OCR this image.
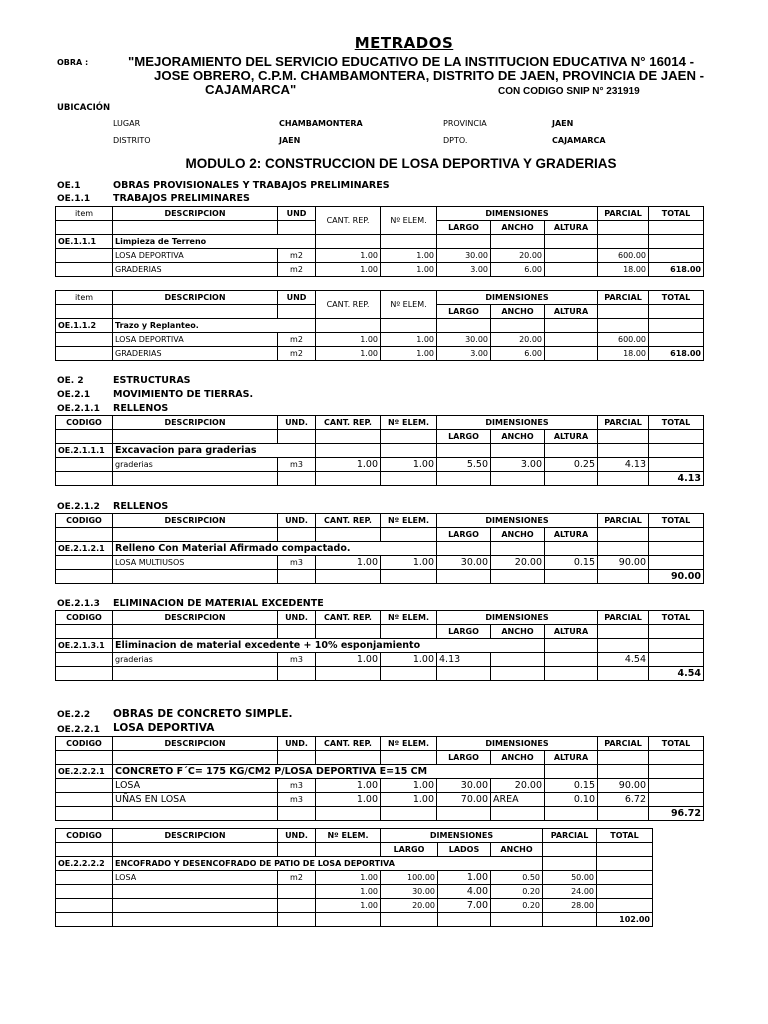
METRADOS
OBRA :	"MEJORAMIENTO DEL SERVICIO EDUCATIVO DE LA INSTITUCION EDUCATIVA N° 16014 -
JOSE OBRERO, C.P.M. CHAMBAMONTERA, DISTRITO DE JAEN, PROVINCIA DE JAEN -
CAJAMARCA"	CON CODIGO SNIP N° 231919
UBICACIÓN
LUGAR	CHAMBAMONTERA	PROVINCIA	JAEN
DISTRITO	JAEN	DPTO.	CAJAMARCA
MODULO 2: CONSTRUCCION DE LOSA DEPORTIVA Y GRADERIAS
OE.1	OBRAS PROVISIONALES Y TRABAJOS PRELIMINARES
OE.1.1 TRABAJOS PRELIMINARES
item	DESCRIPCION	UND	CANT. REP.	Nº ELEM.	DIMENSIONES			PARCIAL	TOTAL
					LARGO	ANCHO	ALTURA		
OE.1.1.1	Limpieza de Terreno								
	LOSA DEPORTIVA	m2	1.00	1.00	30.00	20.00		600.00	
	GRADERIAS	m2	1.00	1.00	3.00	6.00		18.00	618.00
item	DESCRIPCION	UND	CANT. REP.	Nº ELEM.	DIMENSIONES			PARCIAL	TOTAL
					LARGO	ANCHO	ALTURA		
OE.1.1.2	Trazo y Replanteo.								
	LOSA DEPORTIVA	m2	1.00	1.00	30.00	20.00		600.00	
	GRADERIAS	m2	1.00	1.00	3.00	6.00		18.00	618.00
OE. 2	ESTRUCTURAS
OE.2.1 MOVIMIENTO DE TIERRAS.
OE.2.1.1 RELLENOS
CODIGO	DESCRIPCION	UND.	CANT. REP.	Nº ELEM.	DIMENSIONES			PARCIAL	TOTAL
					LARGO	ANCHO	ALTURA		
OE.2.1.1.1	Excavacion para graderias								
	graderias	m3	1.00	1.00	5.50	3.00	0.25	4.13	
									4.13
OE.2.1.2 RELLENOS
CODIGO	DESCRIPCION	UND.	CANT. REP.	Nº ELEM.	DIMENSIONES			PARCIAL	TOTAL
					LARGO	ANCHO	ALTURA		
OE.2.1.2.1	Relleno Con Material Afirmado compactado.								
	LOSA MULTIUSOS	m3	1.00	1.00	30.00	20.00	0.15	90.00	
									90.00
OE.2.1.3 ELIMINACION DE MATERIAL EXCEDENTE
CODIGO	DESCRIPCION	UND.	CANT. REP.	Nº ELEM.	DIMENSIONES			PARCIAL	TOTAL
					LARGO	ANCHO	ALTURA		
OE.2.1.3.1	Eliminacion de material excedente + 10% esponjamiento								
	graderias	m3	1.00	1.00	4.13			4.54	
									4.54
OE.2.2 OBRAS DE CONCRETO SIMPLE.
OE.2.2.1 LOSA DEPORTIVA
CODIGO	DESCRIPCION	UND.	CANT. REP.	Nº ELEM.	DIMENSIONES			PARCIAL	TOTAL
					LARGO	ANCHO	ALTURA		
OE.2.2.2.1	CONCRETO F´C= 175 KG/CM2 P/LOSA DEPORTIVA E=15 CM								
	LOSA	m3	1.00	1.00	30.00	20.00	0.15	90.00	
	UÑAS EN LOSA	m3	1.00	1.00	70.00	AREA	0.10	6.72	
									96.72
CODIGO	DESCRIPCION	UND.	Nº ELEM.	DIMENSIONES			PARCIAL	TOTAL
				LARGO	LADOS	ANCHO		
OE.2.2.2.2	ENCOFRADO Y DESENCOFRADO DE PATIO DE LOSA DEPORTIVA							
	LOSA	m2	1.00	100.00	1.00	0.50	50.00	
			1.00	30.00	4.00	0.20	24.00	
			1.00	20.00	7.00	0.20	28.00	
								102.00
